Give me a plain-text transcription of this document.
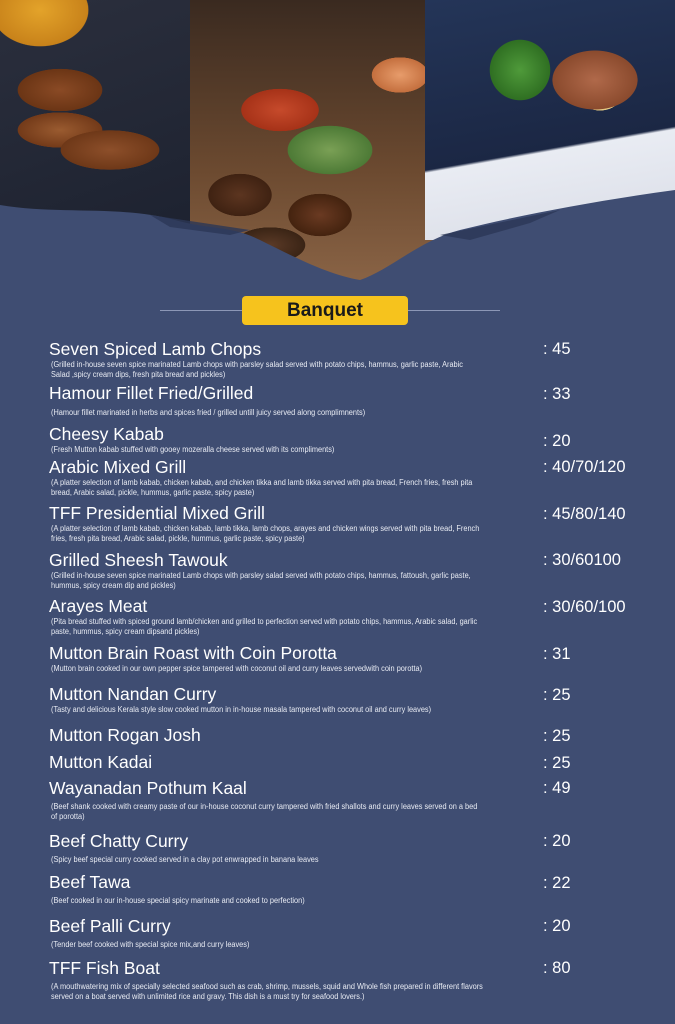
Banquet
Seven Spiced Lamb Chops
(Grilled in-house seven spice marinated Lamb chops with parsley salad served with potato chips, hammus, garlic paste, Arabic Salad ,spicy cream dips, fresh pita bread and pickles)
: 45
Hamour Fillet Fried/Grilled
(Hamour fillet marinated in herbs and spices fried / grilled untill juicy served along complimnents)
: 33
Cheesy Kabab
(Fresh Mutton kabab stuffed with gooey mozeralla cheese served with its compliments)	: 20
Arabic Mixed Grill
(A platter selection of lamb kabab, chicken kabab, and chicken tikka and lamb tikka served with pita bread, French fries, fresh pita bread, Arabic salad, pickle, hummus, garlic paste, spicy paste)
: 40/70/120
TFF Presidential Mixed Grill
(A platter selection of lamb kabab, chicken kabab, lamb tikka, lamb chops, arayes and chicken wings served with pita bread, French fries, fresh pita bread, Arabic salad, pickle, hummus, garlic paste, spicy paste)
: 45/80/140
Grilled Sheesh Tawouk
(Grilled in-house seven spice marinated Lamb chops with parsley salad served with potato chips, hammus, fattoush, garlic paste, hummus, spicy cream dip and pickles)
: 30/60100
Arayes Meat
(Pita bread stuffed with spiced ground lamb/chicken and grilled to perfection served with potato chips, hammus, Arabic salad, garlic paste, hummus, spicy cream dipsand pickles)
: 30/60/100
Mutton Brain Roast with Coin Porotta
(Mutton brain cooked in our own pepper spice tampered with coconut oil and curry leaves servedwith coin porotta)
: 31
Mutton Nandan Curry
(Tasty and delicious Kerala style slow cooked mutton in in-house masala tampered with coconut oil and curry leaves)
: 25
Mutton Rogan Josh	: 25
Mutton Kadai	: 25
Wayanadan Pothum Kaal
(Beef shank cooked with creamy paste of our in-house coconut curry tampered with fried shallots and curry leaves served on a bed of porotta)
: 49
Beef Chatty Curry
(Spicy beef special curry cooked served in a clay pot enwrapped in banana leaves
: 20
Beef Tawa
(Beef cooked in our in-house special spicy marinate and cooked to perfection)
: 22
Beef Palli Curry
(Tender beef cooked with special spice mix,and curry leaves)
: 20
TFF Fish Boat
(A mouthwatering mix of specially selected seafood such as crab, shrimp, mussels, squid and Whole fish prepared in different flavors served on a boat served with unlimited rice and gravy. This dish is a must try for seafood lovers.)
: 80
